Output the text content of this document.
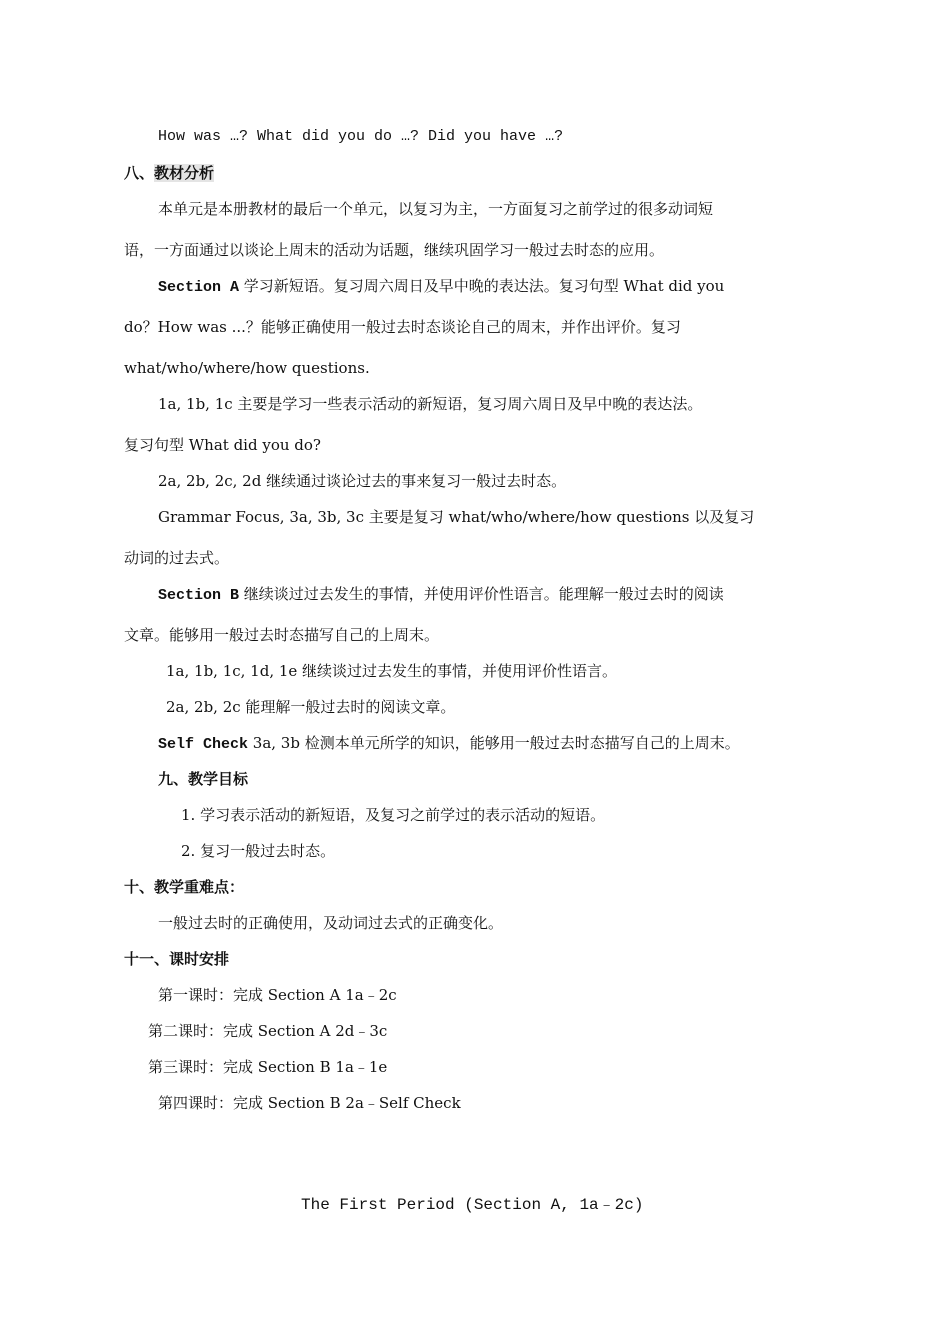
How was …? What did you do …? Did you have …?
八、教材分析
本单元是本册教材的最后一个单元，以复习为主，一方面复习之前学过的很多动词短
语，一方面通过以谈论上周末的活动为话题，继续巩固学习一般过去时态的应用。
Section A 学习新短语。复习周六周日及早中晚的表达法。复习句型 What did you
do？How was ...？能够正确使用一般过去时态谈论自己的周末，并作出评价。复习
what/who/where/how questions.
1a, 1b, 1c 主要是学习一些表示活动的新短语，复习周六周日及早中晚的表达法。
复习句型 What did you do?
2a, 2b, 2c, 2d 继续通过谈论过去的事来复习一般过去时态。
Grammar Focus, 3a, 3b, 3c 主要是复习 what/who/where/how questions 以及复习
动词的过去式。
Section B 继续谈过过去发生的事情，并使用评价性语言。能理解一般过去时的阅读
文章。能够用一般过去时态描写自己的上周末。
1a, 1b, 1c, 1d, 1e 继续谈过过去发生的事情，并使用评价性语言。
2a, 2b, 2c 能理解一般过去时的阅读文章。
Self Check 3a, 3b 检测本单元所学的知识，能够用一般过去时态描写自己的上周末。
九、教学目标
1. 学习表示活动的新短语，及复习之前学过的表示活动的短语。
2. 复习一般过去时态。
十、教学重难点：
一般过去时的正确使用，及动词过去式的正确变化。
十一、课时安排
第一课时：完成 Section A 1a﹣2c
第二课时：完成 Section A 2d﹣3c
第三课时：完成 Section B 1a﹣1e
第四课时：完成 Section B 2a﹣Self Check
The First Period (Section A, 1a﹣2c)
